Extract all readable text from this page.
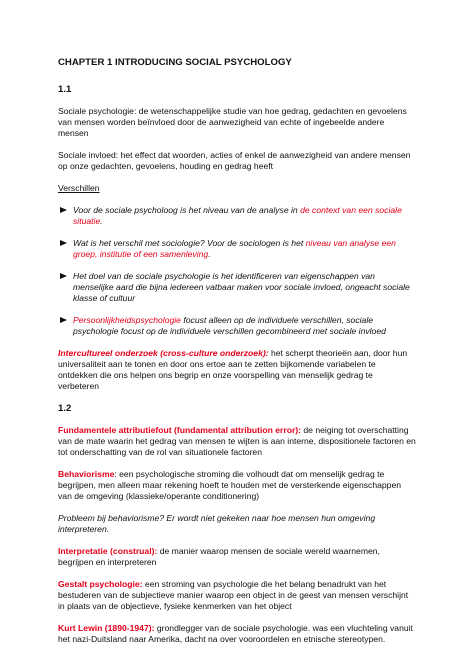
CHAPTER 1 INTRODUCING SOCIAL PSYCHOLOGY
1.1

Sociale psychologie: de wetenschappelijke studie van hoe gedrag, gedachten en gevoelens van mensen worden beïnvloed door de aanwezigheid van echte of ingebeelde andere mensen

Sociale invloed: het effect dat woorden, acties of enkel de aanwezigheid van andere mensen op onze gedachten, gevoelens, houding en gedrag heeft

Verschillen

Voor de sociale psycholoog is het niveau van de analyse in de context van een sociale situatie.
Wat is het verschil met sociologie? Voor de sociologen is het niveau van analyse een groep, institutie of een samenleving.
Het doel van de sociale psychologie is het identificeren van eigenschappen van menselijke aard die bijna iedereen vatbaar maken voor sociale invloed, ongeacht sociale klasse of cultuur
Persoonlijkheidspsychologie focust alleen op de individuele verschillen, sociale psychologie focust op de individuele verschillen gecombineerd met sociale invloed

Intercultureel onderzoek (cross-culture onderzoek): het scherpt theorieën aan, door hun universaliteit aan te tonen en door ons ertoe aan te zetten bijkomende variabelen te ontdekken die ons helpen ons begrip en onze voorspelling van menselijk gedrag te verbeteren

1.2

Fundamentele attributiefout (fundamental attribution error): de neiging tot overschatting van de mate waarin het gedrag van mensen te wijten is aan interne, dispositionele factoren en tot onderschatting van de rol van situationele factoren

Behaviorisme: een psychologische stroming die volhoudt dat om menselijk gedrag te begrijpen, men alleen maar rekening hoeft te houden met de versterkende eigenschappen van de omgeving (klassieke/operante conditionering)

Probleem bij behaviorisme? Er wordt niet gekeken naar hoe mensen hun omgeving interpreteren.

Interpretatie (construal): de manier waarop mensen de sociale wereld waarnemen, begrijpen en interpreteren

Gestalt psychologie: een stroming van psychologie die het belang benadrukt van het bestuderen van de subjectieve manier waarop een object in de geest van mensen verschijnt in plaats van de objectieve, fysieke kenmerken van het object

Kurt Lewin (1890-1947): grondlegger van de sociale psychologie. was een vluchteling vanuit het nazi-Duitsland naar Amerika, dacht na over vooroordelen en etnische stereotypen.
